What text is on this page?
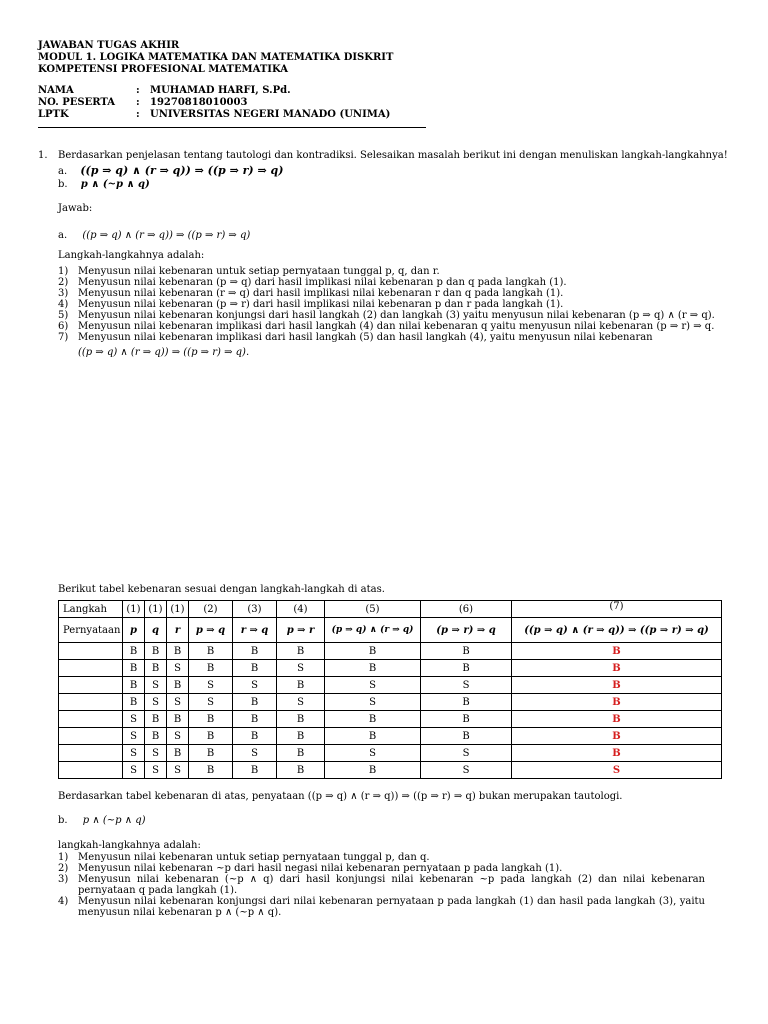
JAWABAN TUGAS AKHIR
MODUL 1. LOGIKA MATEMATIKA DAN MATEMATIKA DISKRIT
KOMPETENSI PROFESIONAL MATEMATIKA
NAMA	: MUHAMAD HARFI, S.Pd.
NO. PESERTA : 19270818010003
LPTK	: UNIVERSITAS NEGERI MANADO (UNIMA)
1. Berdasarkan penjelasan tentang tautologi dan kontradiksi. Selesaikan masalah berikut ini dengan menuliskan langkah-langkahnya!
a. ((p ⇒ q) ∧ (r ⇒ q)) ⇒ ((p ⇒ r) ⇒ q)
b. p ∧ (~p ∧ q)
Jawab:
a. ((p ⇒ q) ∧ (r ⇒ q)) ⇒ ((p ⇒ r) ⇒ q)
Langkah-langkahnya adalah:
1) Menyusun nilai kebenaran untuk setiap pernyataan tunggal p, q, dan r.
2) Menyusun nilai kebenaran (p ⇒ q) dari hasil implikasi nilai kebenaran p dan q pada langkah (1).
3) Menyusun nilai kebenaran (r ⇒ q) dari hasil implikasi nilai kebenaran r dan q pada langkah (1).
4) Menyusun nilai kebenaran (p ⇒ r) dari hasil implikasi nilai kebenaran p dan r pada langkah (1).
5) Menyusun nilai kebenaran konjungsi dari hasil langkah (2) dan langkah (3) yaitu menyusun nilai kebenaran (p ⇒ q) ∧ (r ⇒ q).
6) Menyusun nilai kebenaran implikasi dari hasil langkah (4) dan nilai kebenaran q yaitu menyusun nilai kebenaran (p ⇒ r) ⇒ q.
7) Menyusun nilai kebenaran implikasi dari hasil langkah (5) dan hasil langkah (4), yaitu menyusun nilai kebenaran
((p ⇒ q) ∧ (r ⇒ q)) ⇒ ((p ⇒ r) ⇒ q).
Berikut tabel kebenaran sesuai dengan langkah-langkah di atas.
Langkah	(1)	(1)	(1)	(2)	(3)	(4)	(5)	(6)	(7)
Pernyataan	p	q	r	p ⇒ q	r ⇒ q	p ⇒ r	(p ⇒ q) ∧ (r ⇒ q)	(p ⇒ r) ⇒ q	((p ⇒ q) ∧ (r ⇒ q)) ⇒ ((p ⇒ r) ⇒ q)
	B	B	B	B	B	B	B	B	B
	B	B	S	B	B	S	B	B	B
	B	S	B	S	S	B	S	S	B
	B	S	S	S	B	S	S	B	B
	S	B	B	B	B	B	B	B	B
	S	B	S	B	B	B	B	B	B
	S	S	B	B	S	B	S	S	B
	S	S	S	B	B	B	B	S	S
Berdasarkan tabel kebenaran di atas, penyataan ((p ⇒ q) ∧ (r ⇒ q)) ⇒ ((p ⇒ r) ⇒ q) bukan merupakan tautologi.
b. p ∧ (~p ∧ q)
langkah-langkahnya adalah:
1) Menyusun nilai kebenaran untuk setiap pernyataan tunggal p, dan q.
2) Menyusun nilai kebenaran ~p dari hasil negasi nilai kebenaran pernyataan p pada langkah (1).
3) Menyusun nilai kebenaran (~p ∧ q) dari hasil konjungsi nilai kebenaran ~p pada langkah (2) dan nilai kebenaran pernyataan q pada langkah (1).
4) Menyusun nilai kebenaran konjungsi dari nilai kebenaran pernyataan p pada langkah (1) dan hasil pada langkah (3), yaitu menyusun nilai kebenaran p ∧ (~p ∧ q).
